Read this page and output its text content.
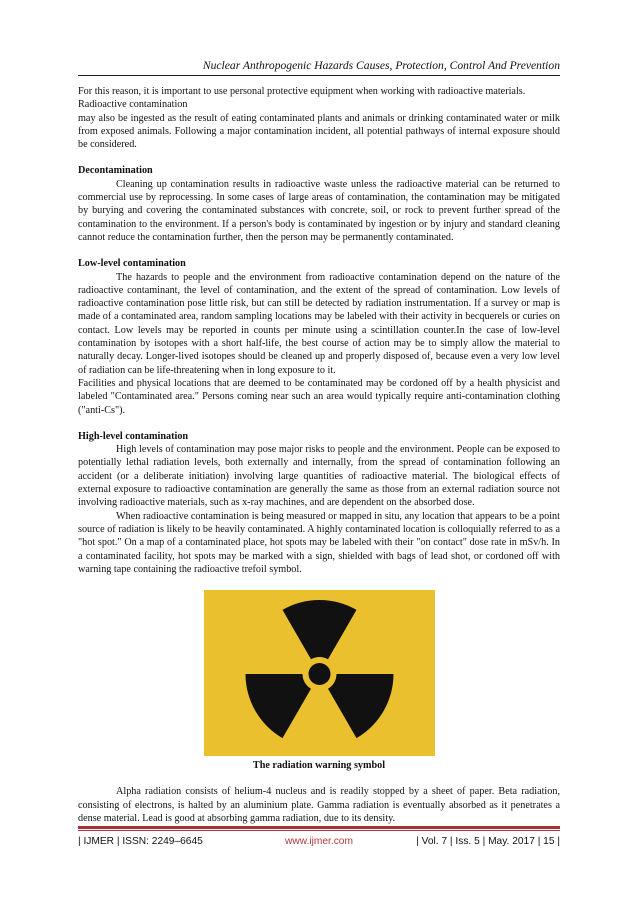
Nuclear Anthropogenic Hazards Causes, Protection, Control And Prevention

For this reason, it is important to use personal protective equipment when working with radioactive materials.

Radioactive contamination

may also be ingested as the result of eating contaminated plants and animals or drinking contaminated water or milk from exposed animals. Following a major contamination incident, all potential pathways of internal exposure should be considered.

Decontamination

Cleaning up contamination results in radioactive waste unless the radioactive material can be returned to commercial use by reprocessing. In some cases of large areas of contamination, the contamination may be mitigated by burying and covering the contaminated substances with concrete, soil, or rock to prevent further spread of the contamination to the environment. If a person's body is contaminated by ingestion or by injury and standard cleaning cannot reduce the contamination further, then the person may be permanently contaminated.

Low-level contamination

The hazards to people and the environment from radioactive contamination depend on the nature of the radioactive contaminant, the level of contamination, and the extent of the spread of contamination. Low levels of radioactive contamination pose little risk, but can still be detected by radiation instrumentation. If a survey or map is made of a contaminated area, random sampling locations may be labeled with their activity in becquerels or curies on contact. Low levels may be reported in counts per minute using a scintillation counter.In the case of low-level contamination by isotopes with a short half-life, the best course of action may be to simply allow the material to naturally decay. Longer-lived isotopes should be cleaned up and properly disposed of, because even a very low level of radiation can be life-threatening when in long exposure to it.

Facilities and physical locations that are deemed to be contaminated may be cordoned off by a health physicist and labeled "Contaminated area." Persons coming near such an area would typically require anti-contamination clothing ("anti-Cs").

High-level contamination

High levels of contamination may pose major risks to people and the environment. People can be exposed to potentially lethal radiation levels, both externally and internally, from the spread of contamination following an accident (or a deliberate initiation) involving large quantities of radioactive material. The biological effects of external exposure to radioactive contamination are generally the same as those from an external radiation source not involving radioactive materials, such as x-ray machines, and are dependent on the absorbed dose.

When radioactive contamination is being measured or mapped in situ, any location that appears to be a point source of radiation is likely to be heavily contaminated. A highly contaminated location is colloquially referred to as a "hot spot." On a map of a contaminated place, hot spots may be labeled with their "on contact" dose rate in mSv/h. In a contaminated facility, hot spots may be marked with a sign, shielded with bags of lead shot, or cordoned off with warning tape containing the radioactive trefoil symbol.

The radiation warning symbol

Alpha radiation consists of helium-4 nucleus and is readily stopped by a sheet of paper. Beta radiation, consisting of electrons, is halted by an aluminium plate. Gamma radiation is eventually absorbed as it penetrates a dense material. Lead is good at absorbing gamma radiation, due to its density.

| IJMER | ISSN: 2249–6645	www.ijmer.com	| Vol. 7 | Iss. 5 | May. 2017 | 15 |
